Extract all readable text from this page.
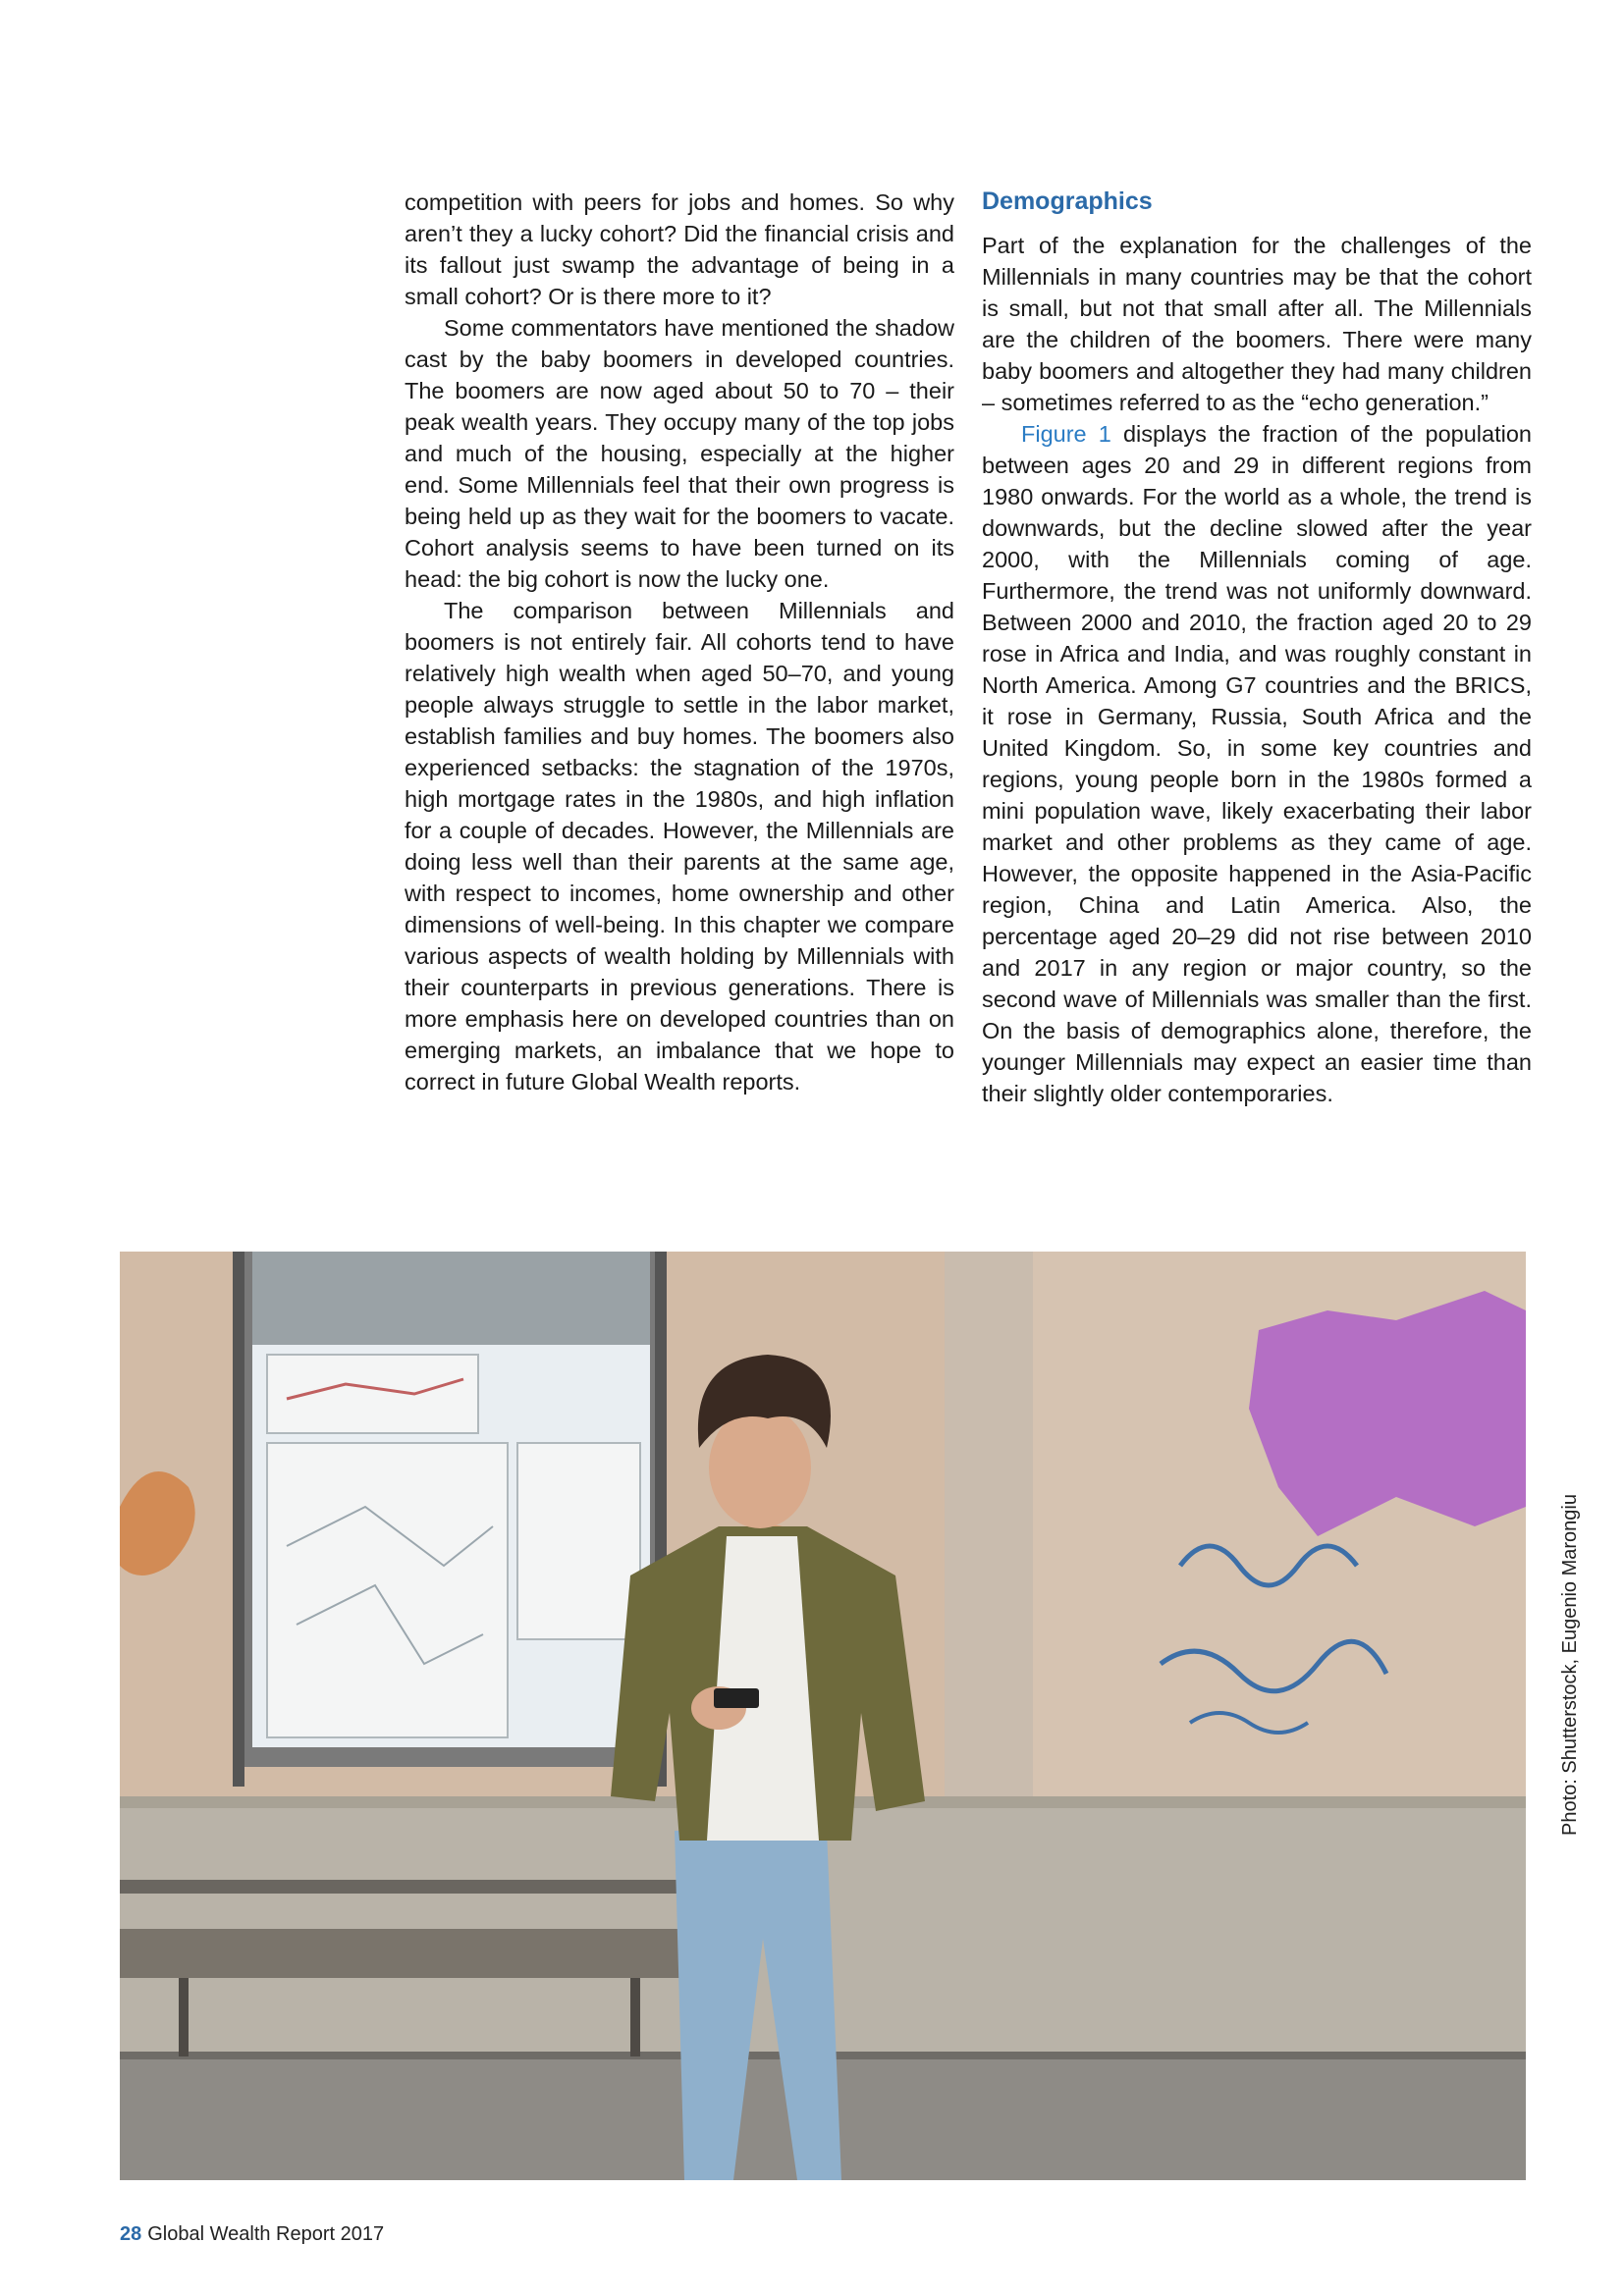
competition with peers for jobs and homes. So why aren’t they a lucky cohort? Did the financial crisis and its fallout just swamp the advantage of being in a small cohort? Or is there more to it?

Some commentators have mentioned the shadow cast by the baby boomers in developed countries. The boomers are now aged about 50 to 70 – their peak wealth years. They occupy many of the top jobs and much of the housing, especially at the higher end. Some Millennials feel that their own progress is being held up as they wait for the boomers to vacate. Cohort analysis seems to have been turned on its head: the big cohort is now the lucky one.

The comparison between Millennials and boomers is not entirely fair. All cohorts tend to have relatively high wealth when aged 50–70, and young people always struggle to settle in the labor market, establish families and buy homes. The boomers also experienced setbacks: the stagnation of the 1970s, high mortgage rates in the 1980s, and high inflation for a couple of decades. However, the Millennials are doing less well than their parents at the same age, with respect to incomes, home ownership and other dimensions of well-being. In this chapter we compare various aspects of wealth holding by Millennials with their counterparts in previous generations. There is more emphasis here on developed countries than on emerging markets, an imbalance that we hope to correct in future Global Wealth reports.

Demographics

Part of the explanation for the challenges of the Millennials in many countries may be that the cohort is small, but not that small after all. The Millennials are the children of the boomers. There were many baby boomers and altogether they had many children – sometimes referred to as the “echo generation.”

Figure 1 displays the fraction of the population between ages 20 and 29 in different regions from 1980 onwards. For the world as a whole, the trend is downwards, but the decline slowed after the year 2000, with the Millennials coming of age. Furthermore, the trend was not uniformly downward. Between 2000 and 2010, the fraction aged 20 to 29 rose in Africa and India, and was roughly constant in North America. Among G7 countries and the BRICS, it rose in Germany, Russia, South Africa and the United Kingdom. So, in some key countries and regions, young people born in the 1980s formed a mini population wave, likely exacerbating their labor market and other problems as they came of age. However, the opposite happened in the Asia-Pacific region, China and Latin America. Also, the percentage aged 20–29 did not rise between 2010 and 2017 in any region or major country, so the second wave of Millennials was smaller than the first. On the basis of demographics alone, therefore, the younger Millennials may expect an easier time than their slightly older contemporaries.

Photo: Shutterstock, Eugenio Marongiu
28 Global Wealth Report 2017
